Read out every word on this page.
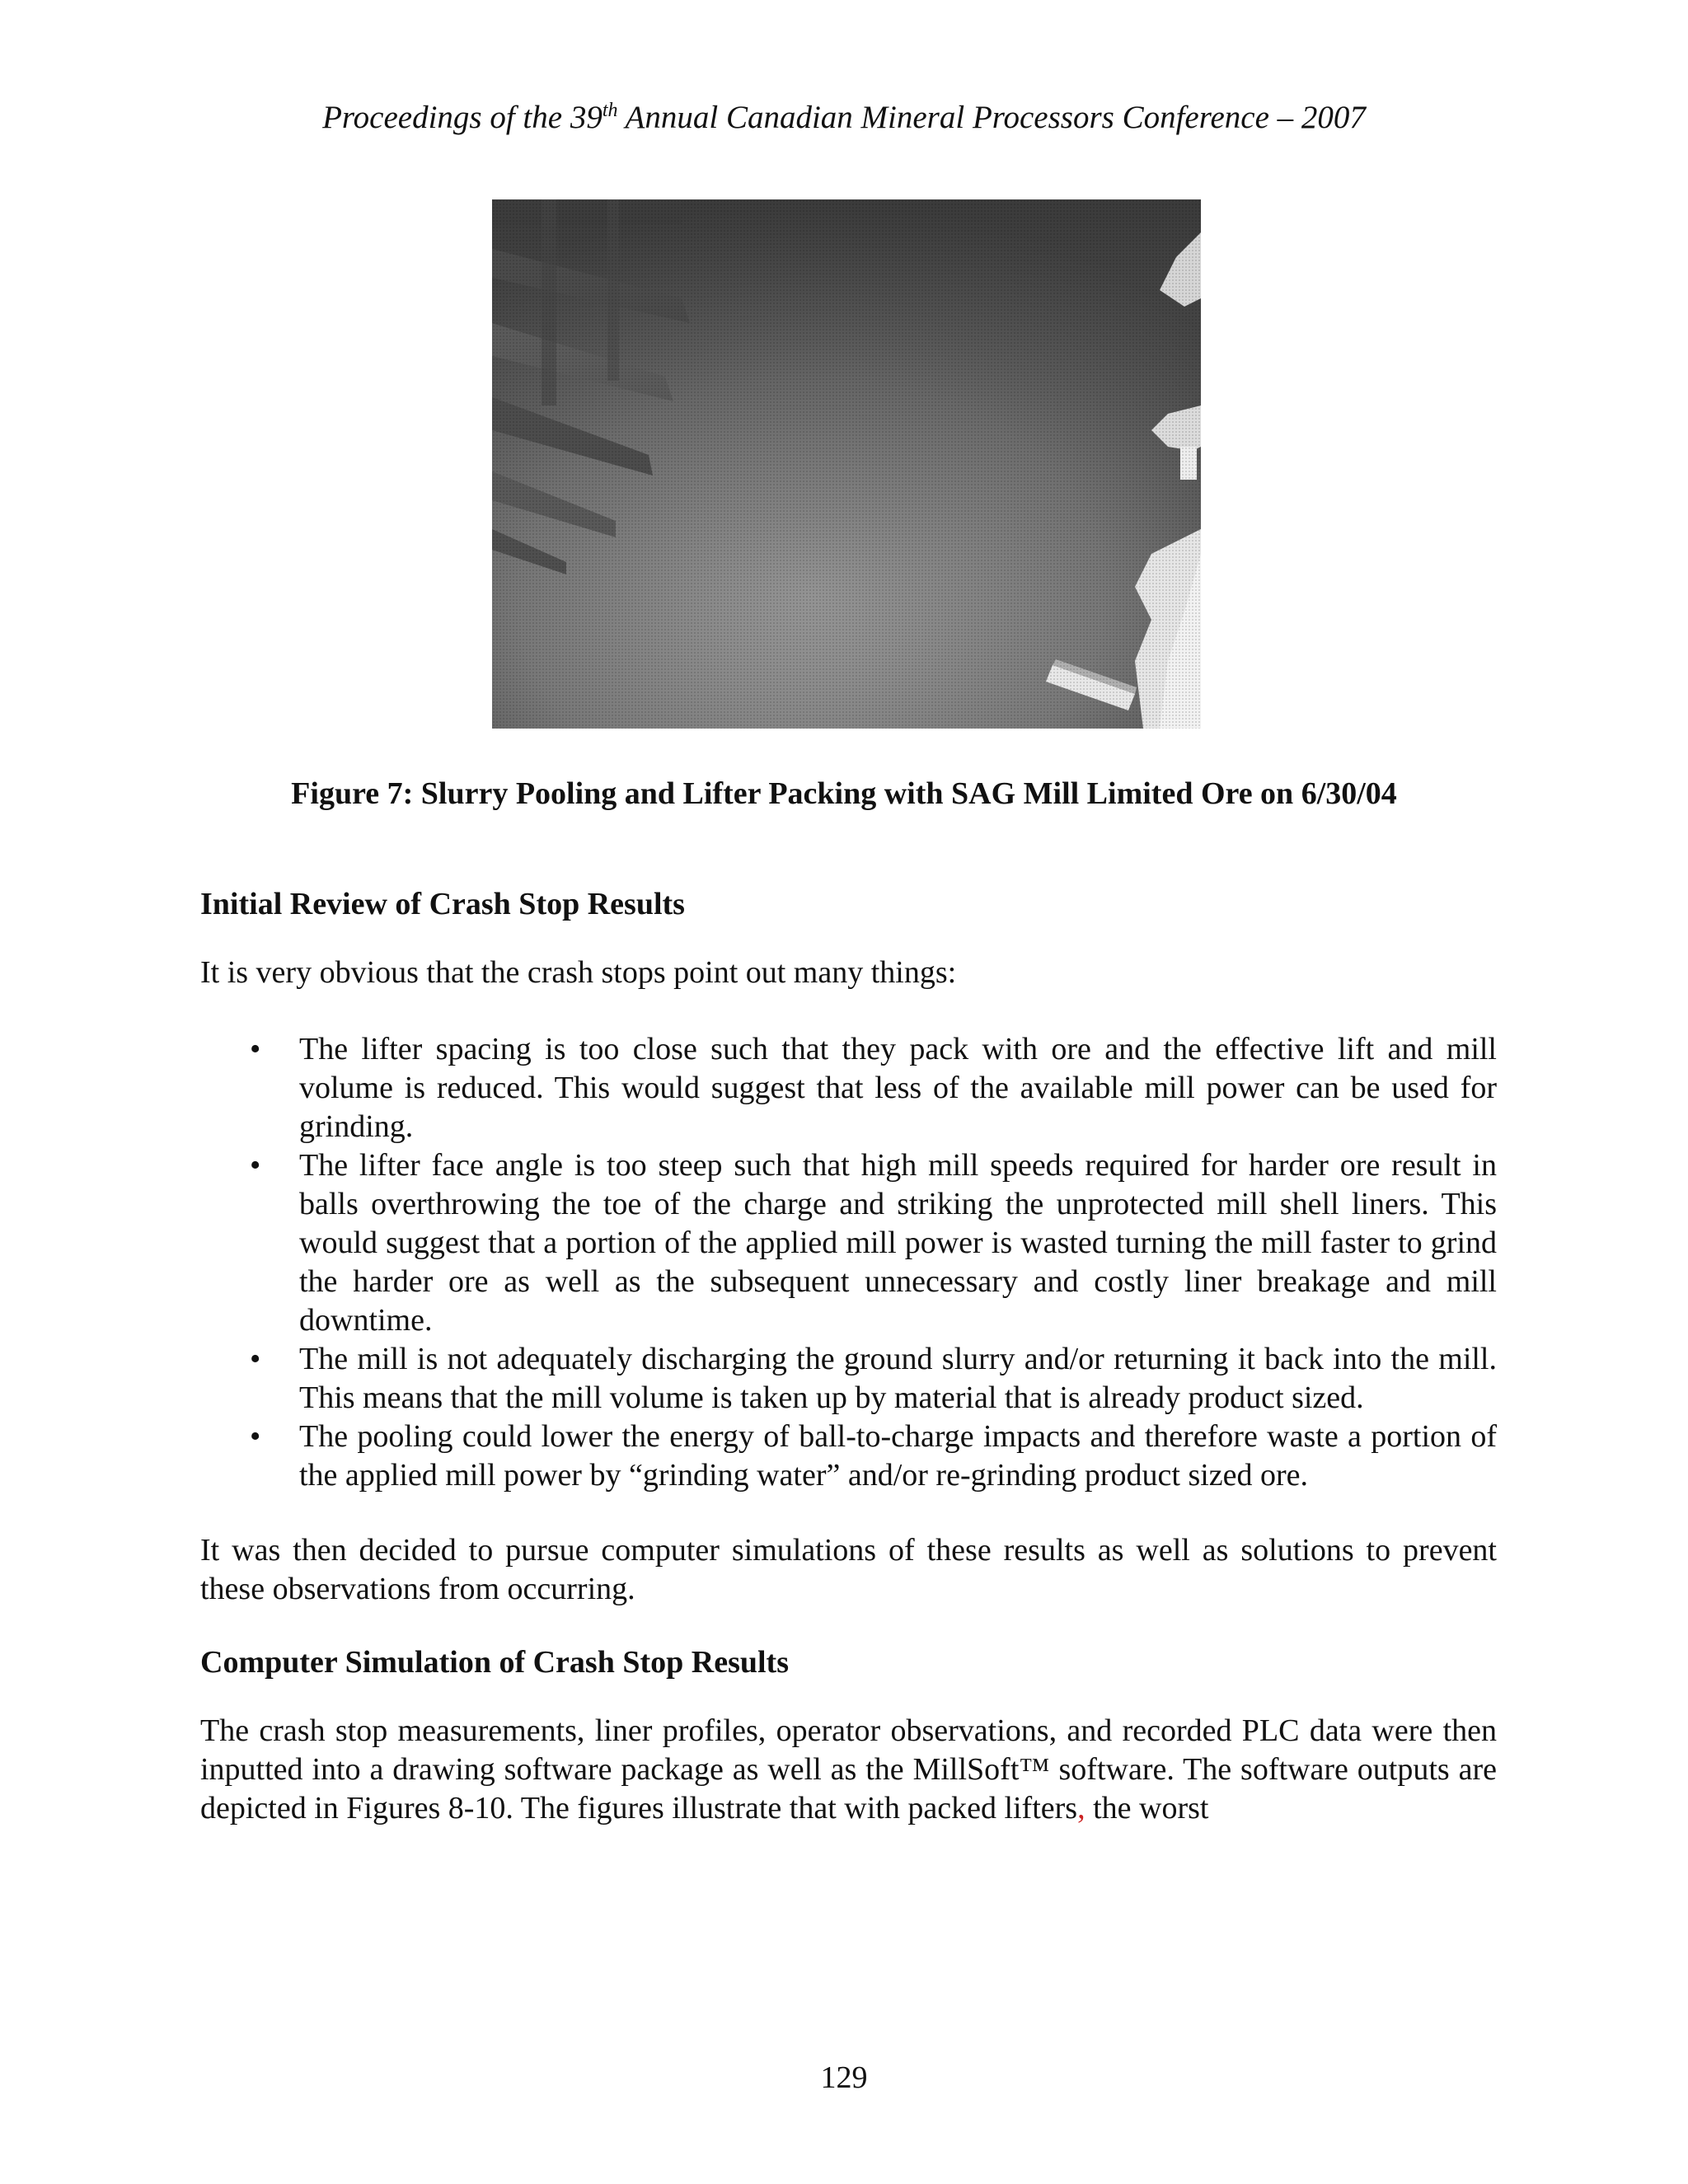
Proceedings of the 39th Annual Canadian Mineral Processors Conference – 2007
Figure 7: Slurry Pooling and Lifter Packing with SAG Mill Limited Ore on 6/30/04

Initial Review of Crash Stop Results

It is very obvious that the crash stops point out many things:

•	The lifter spacing is too close such that they pack with ore and the effective lift and mill volume is reduced. This would suggest that less of the available mill power can be used for grinding.
•	The lifter face angle is too steep such that high mill speeds required for harder ore result in balls overthrowing the toe of the charge and striking the unprotected mill shell liners. This would suggest that a portion of the applied mill power is wasted turning the mill faster to grind the harder ore as well as the subsequent unnecessary and costly liner breakage and mill downtime.
•	The mill is not adequately discharging the ground slurry and/or returning it back into the mill. This means that the mill volume is taken up by material that is already product sized.
•	The pooling could lower the energy of ball-to-charge impacts and therefore waste a portion of the applied mill power by “grinding water” and/or re-grinding product sized ore.

It was then decided to pursue computer simulations of these results as well as solutions to prevent these observations from occurring.

Computer Simulation of Crash Stop Results

The crash stop measurements, liner profiles, operator observations, and recorded PLC data were then inputted into a drawing software package as well as the MillSoft™ software. The software outputs are depicted in Figures 8-10. The figures illustrate that with packed lifters, the worst

129
